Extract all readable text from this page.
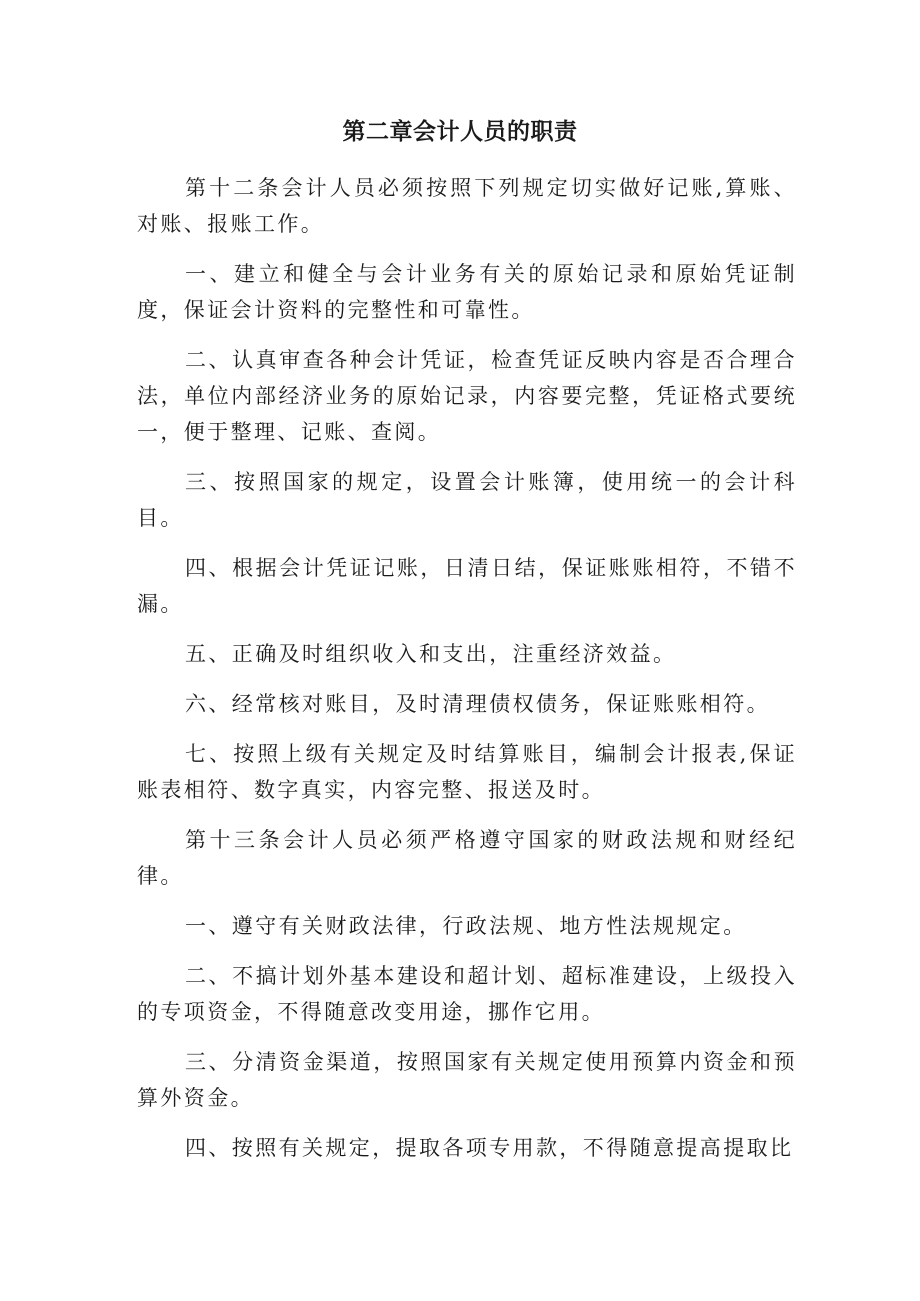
第二章会计人员的职责

第十二条会计人员必须按照下列规定切实做好记账,算账、对账、报账工作。

一、建立和健全与会计业务有关的原始记录和原始凭证制度，保证会计资料的完整性和可靠性。

二、认真审查各种会计凭证，检查凭证反映内容是否合理合法，单位内部经济业务的原始记录，内容要完整，凭证格式要统一，便于整理、记账、查阅。

三、按照国家的规定，设置会计账簿，使用统一的会计科目。

四、根据会计凭证记账，日清日结，保证账账相符，不错不漏。

五、正确及时组织收入和支出，注重经济效益。

六、经常核对账目，及时清理债权债务，保证账账相符。

七、按照上级有关规定及时结算账目，编制会计报表,保证账表相符、数字真实，内容完整、报送及时。

第十三条会计人员必须严格遵守国家的财政法规和财经纪律。

一、遵守有关财政法律，行政法规、地方性法规规定。

二、不搞计划外基本建设和超计划、超标准建设，上级投入的专项资金，不得随意改变用途，挪作它用。

三、分清资金渠道，按照国家有关规定使用预算内资金和预算外资金。

四、按照有关规定，提取各项专用款，不得随意提高提取比
